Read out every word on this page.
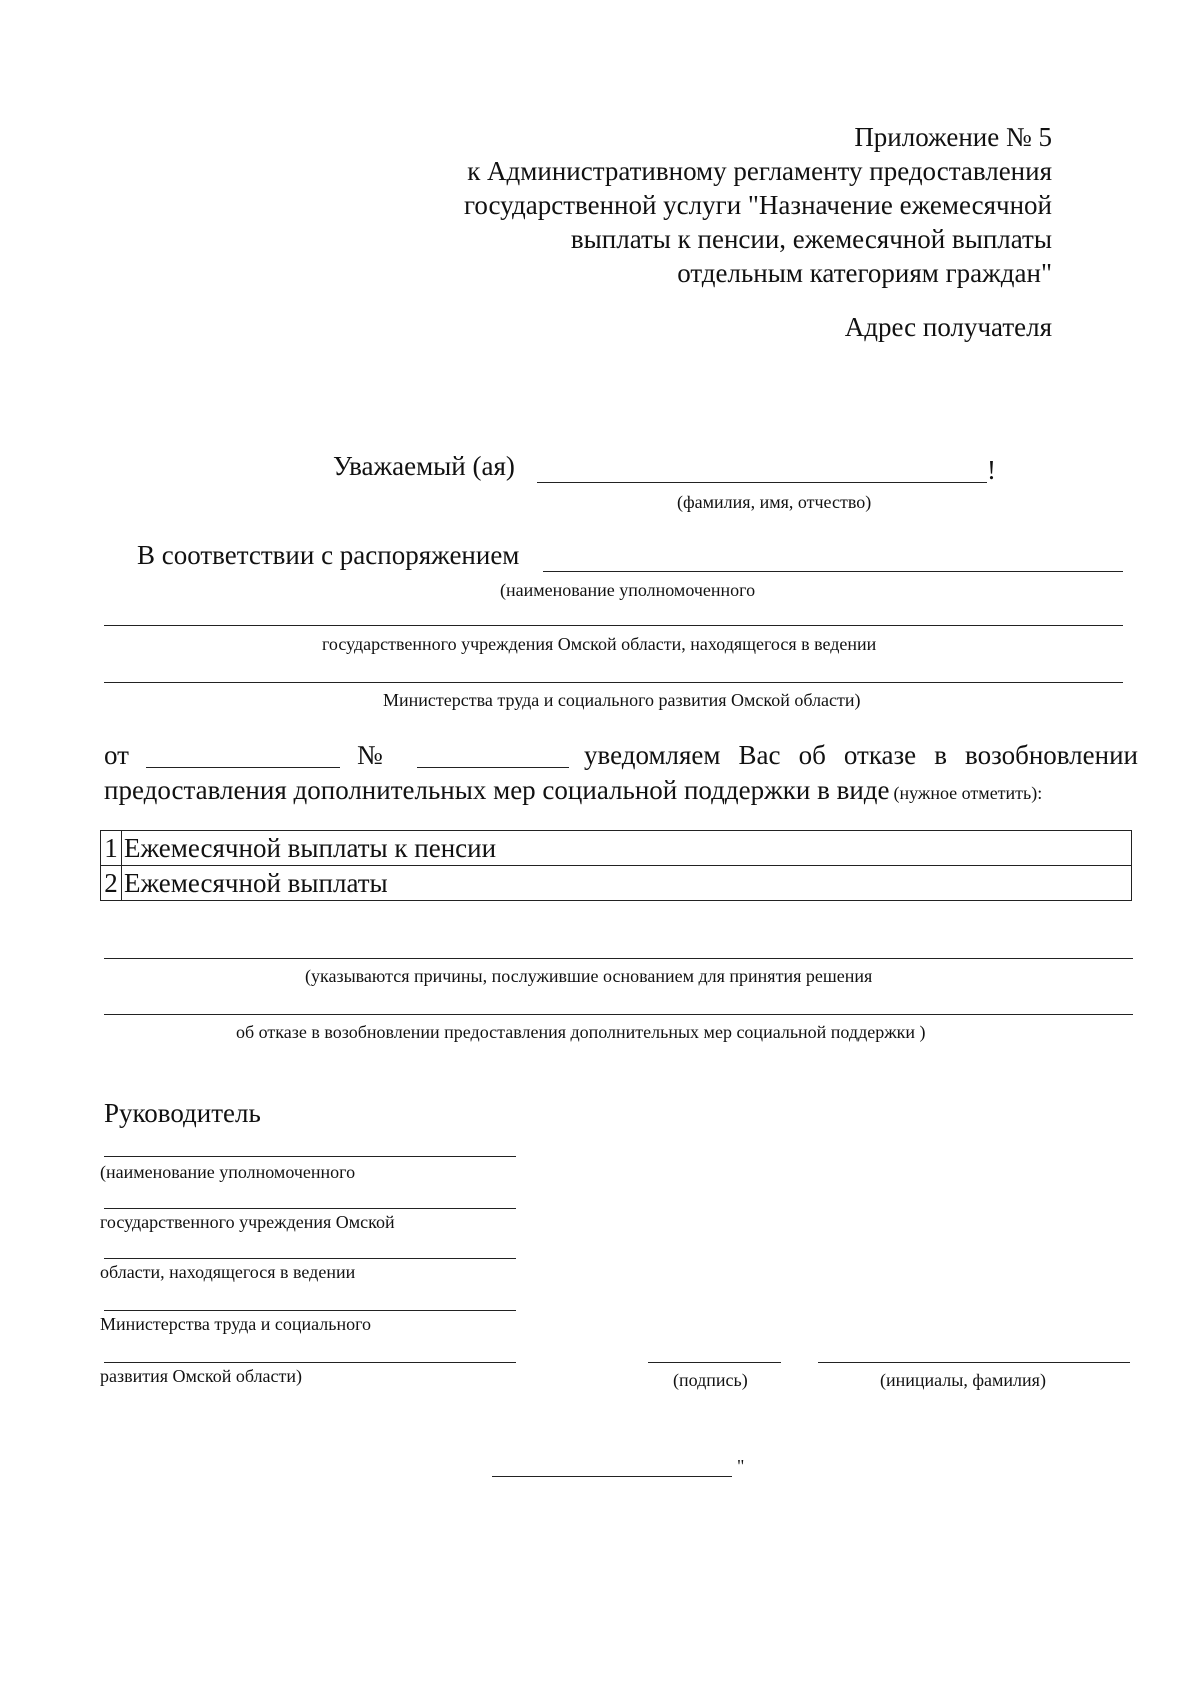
Приложение № 5
к Административному регламенту предоставления
государственной услуги "Назначение ежемесячной
выплаты к пенсии, ежемесячной выплаты
отдельным категориям граждан"
Адрес получателя
Уважаемый (ая)	!
(фамилия, имя, отчество)
В соответствии с распоряжением
(наименование уполномоченного
государственного учреждения Омской области, находящегося в ведении
Министерства труда и социального развития Омской области)
от	№	уведомляем Вас об отказе в возобновлении
предоставления дополнительных мер социальной поддержки в виде (нужное отметить):
1	Ежемесячной выплаты к пенсии
2	Ежемесячной выплаты
(указываются причины, послужившие основанием для принятия решения
об отказе в возобновлении предоставления дополнительных мер социальной поддержки )
Руководитель
(наименование уполномоченного
государственного учреждения Омской
области, находящегося в ведении
Министерства труда и социального
развития Омской области)	(подпись)	(инициалы, фамилия)
"
